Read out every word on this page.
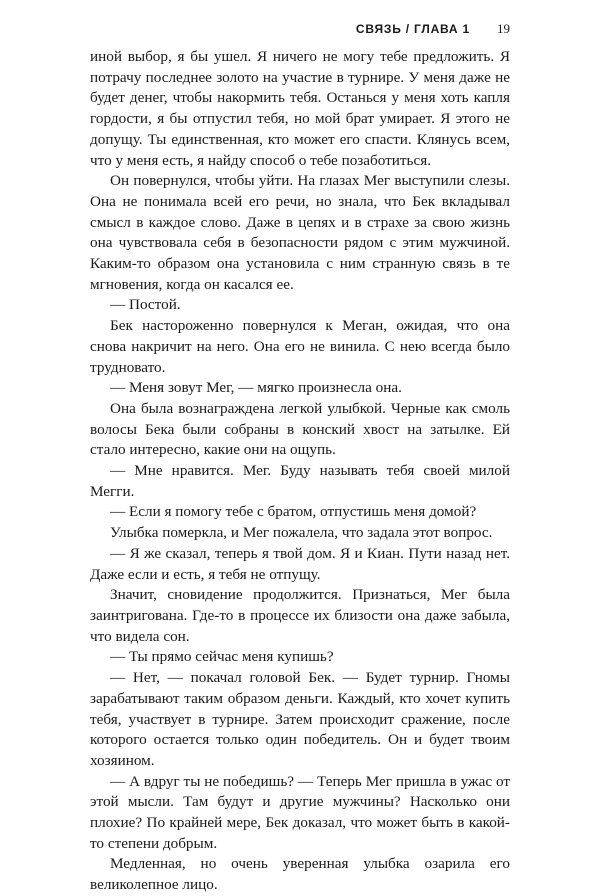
СВЯЗЬ / ГЛАВА 1 19

иной выбор, я бы ушел. Я ничего не могу тебе предложить. Я потрачу последнее золото на участие в турнире. У меня даже не будет денег, чтобы накормить тебя. Останься у меня хоть капля гордости, я бы отпустил тебя, но мой брат умирает. Я этого не допущу. Ты единственная, кто может его спасти. Клянусь всем, что у меня есть, я найду способ о тебе позаботиться.

Он повернулся, чтобы уйти. На глазах Мег выступили слезы. Она не понимала всей его речи, но знала, что Бек вкладывал смысл в каждое слово. Даже в цепях и в страхе за свою жизнь она чувствовала себя в безопасности рядом с этим мужчиной. Каким-то образом она установила с ним странную связь в те мгновения, когда он касался ее.

— Постой.

Бек настороженно повернулся к Меган, ожидая, что она снова накричит на него. Она его не винила. С нею всегда было трудновато.

— Меня зовут Мег, — мягко произнесла она.

Она была вознаграждена легкой улыбкой. Черные как смоль волосы Бека были собраны в конский хвост на затылке. Ей стало интересно, какие они на ощупь.

— Мне нравится. Мег. Буду называть тебя своей милой Мегги.

— Если я помогу тебе с братом, отпустишь меня домой?

Улыбка померкла, и Мег пожалела, что задала этот вопрос.

— Я же сказал, теперь я твой дом. Я и Киан. Пути назад нет. Даже если и есть, я тебя не отпущу.

Значит, сновидение продолжится. Признаться, Мег была заинтригована. Где-то в процессе их близости она даже забыла, что видела сон.

— Ты прямо сейчас меня купишь?

— Нет, — покачал головой Бек. — Будет турнир. Гномы зарабатывают таким образом деньги. Каждый, кто хочет купить тебя, участвует в турнире. Затем происходит сражение, после которого остается только один победитель. Он и будет твоим хозяином.

— А вдруг ты не победишь? — Теперь Мег пришла в ужас от этой мысли. Там будут и другие мужчины? Насколько они плохие? По крайней мере, Бек доказал, что может быть в какой-то степени добрым.

Медленная, но очень уверенная улыбка озарила его великолепное лицо.
